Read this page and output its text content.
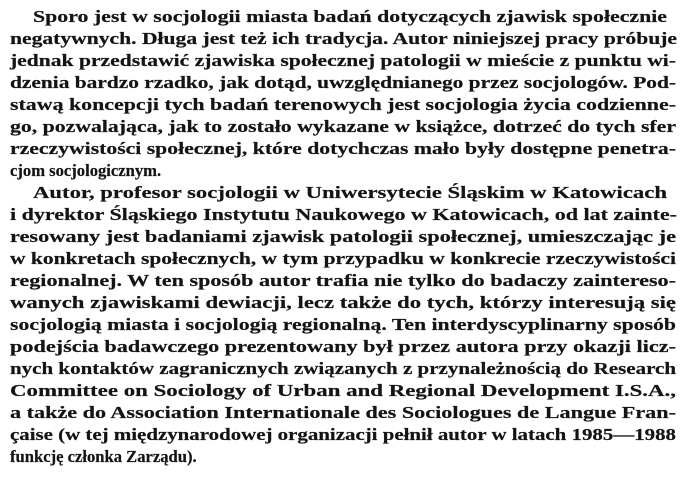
Sporo jest w socjologii miasta badań dotyczących zjawisk społecznie
negatywnych. Długa jest też ich tradycja. Autor niniejszej pracy próbuje
jednak przedstawić zjawiska społecznej patologii w mieście z punktu wi-
dzenia bardzo rzadko, jak dotąd, uwzględnianego przez socjologów. Pod-
stawą koncepcji tych badań terenowych jest socjologia życia codzienne-
go, pozwalająca, jak to zostało wykazane w książce, dotrzeć do tych sfer
rzeczywistości społecznej, które dotychczas mało były dostępne penetra-
cjom socjologicznym.
Autor, profesor socjologii w Uniwersytecie Śląskim w Katowicach
i dyrektor Śląskiego Instytutu Naukowego w Katowicach, od lat zainte-
resowany jest badaniami zjawisk patologii społecznej, umieszczając je
w konkretach społecznych, w tym przypadku w konkrecie rzeczywistości
regionalnej. W ten sposób autor trafia nie tylko do badaczy zaintereso-
wanych zjawiskami dewiacji, lecz także do tych, którzy interesują się
socjologią miasta i socjologią regionalną. Ten interdyscyplinarny sposób
podejścia badawczego prezentowany był przez autora przy okazji licz-
nych kontaktów zagranicznych związanych z przynależnością do Research
Committee on Sociology of Urban and Regional Development I.S.A.,
a także do Association Internationale des Sociologues de Langue Fran-
çaise (w tej międzynarodowej organizacji pełnił autor w latach 1985—1988
funkcję członka Zarządu).
